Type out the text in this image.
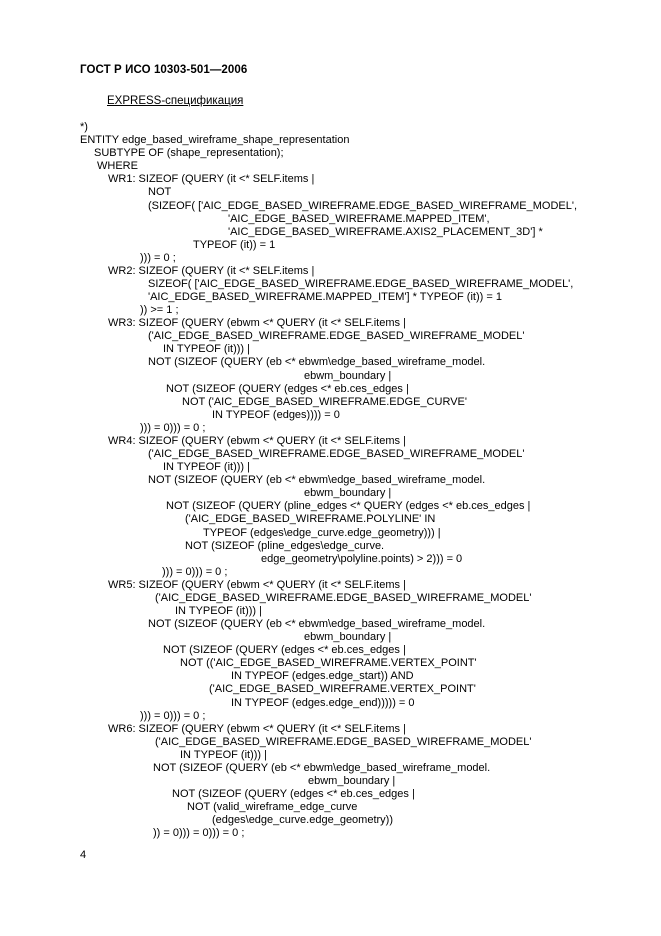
ГОСТ Р ИСО 10303-501—2006
EXPRESS-спецификация
*)
ENTITY edge_based_wireframe_shape_representation
SUBTYPE OF (shape_representation);
WHERE
WR1: SIZEOF (QUERY (it <* SELF.items |
NOT
(SIZEOF( ['AIC_EDGE_BASED_WIREFRAME.EDGE_BASED_WIREFRAME_MODEL',
'AIC_EDGE_BASED_WIREFRAME.MAPPED_ITEM',
'AIC_EDGE_BASED_WIREFRAME.AXIS2_PLACEMENT_3D'] *
TYPEOF (it)) = 1
))) = 0 ;
WR2: SIZEOF (QUERY (it <* SELF.items |
SIZEOF( ['AIC_EDGE_BASED_WIREFRAME.EDGE_BASED_WIREFRAME_MODEL',
'AIC_EDGE_BASED_WIREFRAME.MAPPED_ITEM'] * TYPEOF (it)) = 1
)) >= 1 ;
WR3: SIZEOF (QUERY (ebwm <* QUERY (it <* SELF.items |
('AIC_EDGE_BASED_WIREFRAME.EDGE_BASED_WIREFRAME_MODEL'
IN TYPEOF (it))) |
NOT (SIZEOF (QUERY (eb <* ebwm\edge_based_wireframe_model.
ebwm_boundary |
NOT (SIZEOF (QUERY (edges <* eb.ces_edges |
NOT ('AIC_EDGE_BASED_WIREFRAME.EDGE_CURVE'
IN TYPEOF (edges)))) = 0
))) = 0))) = 0 ;
WR4: SIZEOF (QUERY (ebwm <* QUERY (it <* SELF.items |
('AIC_EDGE_BASED_WIREFRAME.EDGE_BASED_WIREFRAME_MODEL'
IN TYPEOF (it))) |
NOT (SIZEOF (QUERY (eb <* ebwm\edge_based_wireframe_model.
ebwm_boundary |
NOT (SIZEOF (QUERY (pline_edges <* QUERY (edges <* eb.ces_edges |
('AIC_EDGE_BASED_WIREFRAME.POLYLINE' IN
TYPEOF (edges\edge_curve.edge_geometry))) |
NOT (SIZEOF (pline_edges\edge_curve.
edge_geometry\polyline.points) > 2))) = 0
))) = 0))) = 0 ;
WR5: SIZEOF (QUERY (ebwm <* QUERY (it <* SELF.items |
('AIC_EDGE_BASED_WIREFRAME.EDGE_BASED_WIREFRAME_MODEL'
IN TYPEOF (it))) |
NOT (SIZEOF (QUERY (eb <* ebwm\edge_based_wireframe_model.
ebwm_boundary |
NOT (SIZEOF (QUERY (edges <* eb.ces_edges |
NOT (('AIC_EDGE_BASED_WIREFRAME.VERTEX_POINT'
IN TYPEOF (edges.edge_start)) AND
('AIC_EDGE_BASED_WIREFRAME.VERTEX_POINT'
IN TYPEOF (edges.edge_end))))) = 0
))) = 0))) = 0 ;
WR6: SIZEOF (QUERY (ebwm <* QUERY (it <* SELF.items |
('AIC_EDGE_BASED_WIREFRAME.EDGE_BASED_WIREFRAME_MODEL'
IN TYPEOF (it))) |
NOT (SIZEOF (QUERY (eb <* ebwm\edge_based_wireframe_model.
ebwm_boundary |
NOT (SIZEOF (QUERY (edges <* eb.ces_edges |
NOT (valid_wireframe_edge_curve
(edges\edge_curve.edge_geometry))
)) = 0))) = 0))) = 0 ;
4
